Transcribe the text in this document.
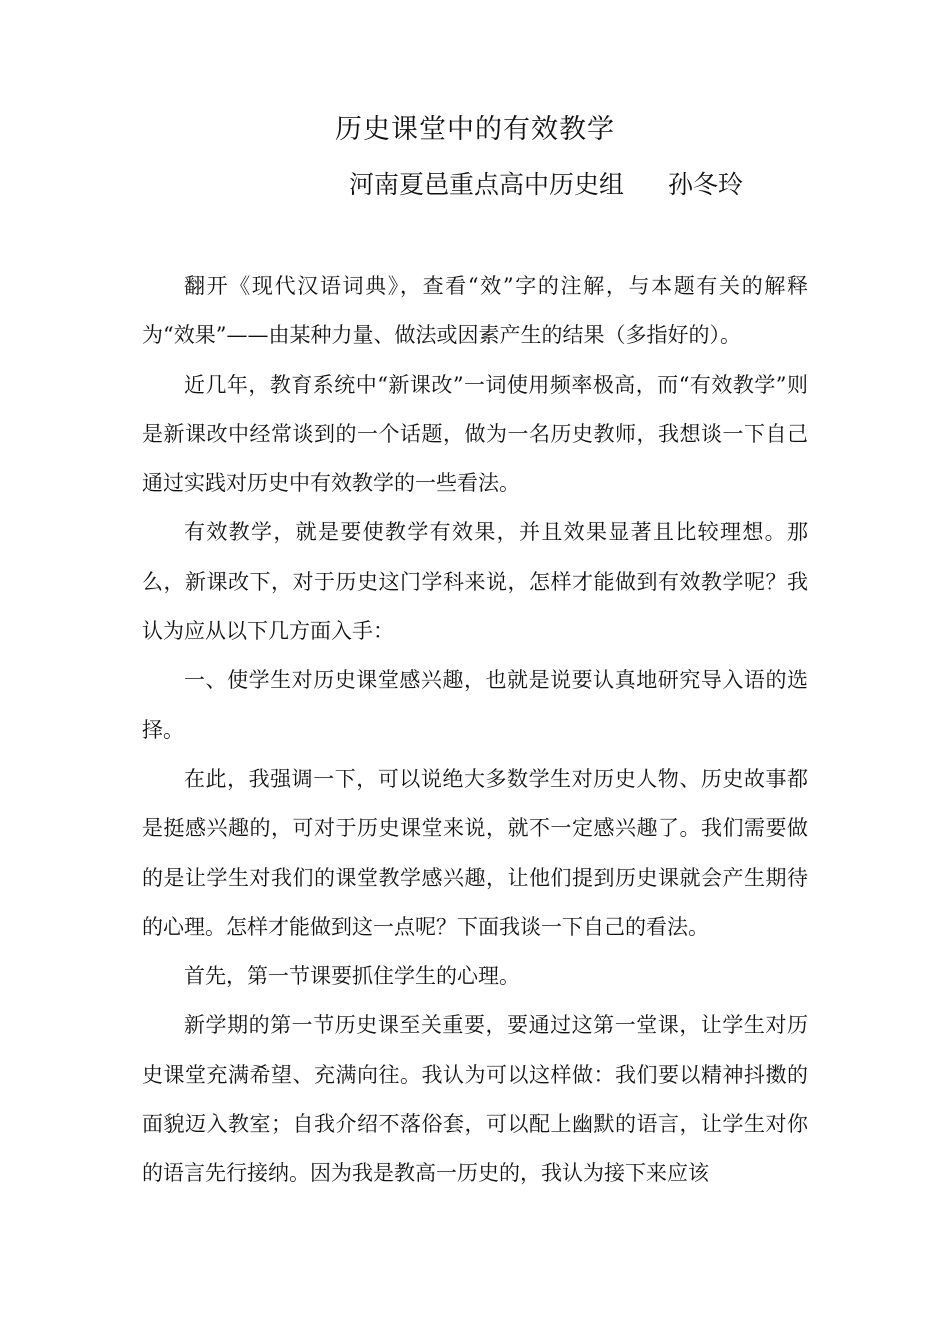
历史课堂中的有效教学
河南夏邑重点高中历史组 孙冬玲

翻开《现代汉语词典》，查看“效”字的注解，与本题有关的解释为“效果”——由某种力量、做法或因素产生的结果（多指好的）。

近几年，教育系统中“新课改”一词使用频率极高，而“有效教学”则是新课改中经常谈到的一个话题，做为一名历史教师，我想谈一下自己通过实践对历史中有效教学的一些看法。

有效教学，就是要使教学有效果，并且效果显著且比较理想。那么，新课改下，对于历史这门学科来说，怎样才能做到有效教学呢？我认为应从以下几方面入手：

一、使学生对历史课堂感兴趣，也就是说要认真地研究导入语的选择。

在此，我强调一下，可以说绝大多数学生对历史人物、历史故事都是挺感兴趣的，可对于历史课堂来说，就不一定感兴趣了。我们需要做的是让学生对我们的课堂教学感兴趣，让他们提到历史课就会产生期待的心理。怎样才能做到这一点呢？下面我谈一下自己的看法。

首先，第一节课要抓住学生的心理。

新学期的第一节历史课至关重要，要通过这第一堂课，让学生对历史课堂充满希望、充满向往。我认为可以这样做：我们要以精神抖擞的面貌迈入教室；自我介绍不落俗套，可以配上幽默的语言，让学生对你的语言先行接纳。因为我是教高一历史的，我认为接下来应该
